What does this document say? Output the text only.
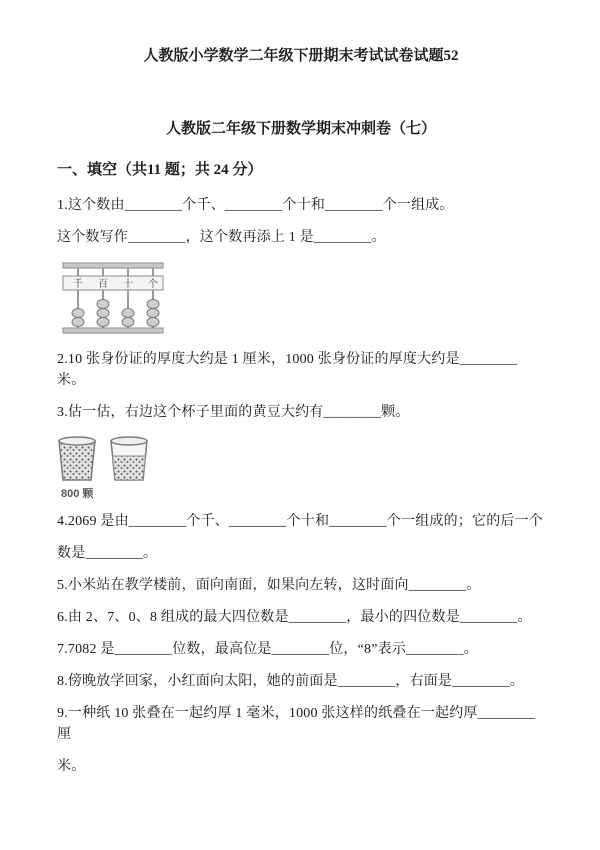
人教版小学数学二年级下册期末考试试卷试题52
人教版二年级下册数学期末冲刺卷（七）
一、填空（共11 题；共 24 分）

1.这个数由________个千、________个十和________个一组成。

这个数写作________，这个数再添上 1 是________。

千 百 十 个

2.10 张身份证的厚度大约是 1 厘米，1000 张身份证的厚度大约是________米。

3.估一估，右边这个杯子里面的黄豆大约有________颗。

800 颗

4.2069 是由________个千、________个十和________个一组成的；它的后一个

数是________。

5.小米站在教学楼前，面向南面，如果向左转，这时面向________。

6.由 2、7、0、8 组成的最大四位数是________，最小的四位数是________。

7.7082 是________位数，最高位是________位，“8”表示________。

8.傍晚放学回家，小红面向太阳，她的前面是________，右面是________。

9.一种纸 10 张叠在一起约厚 1 毫米，1000 张这样的纸叠在一起约厚________厘

米。
